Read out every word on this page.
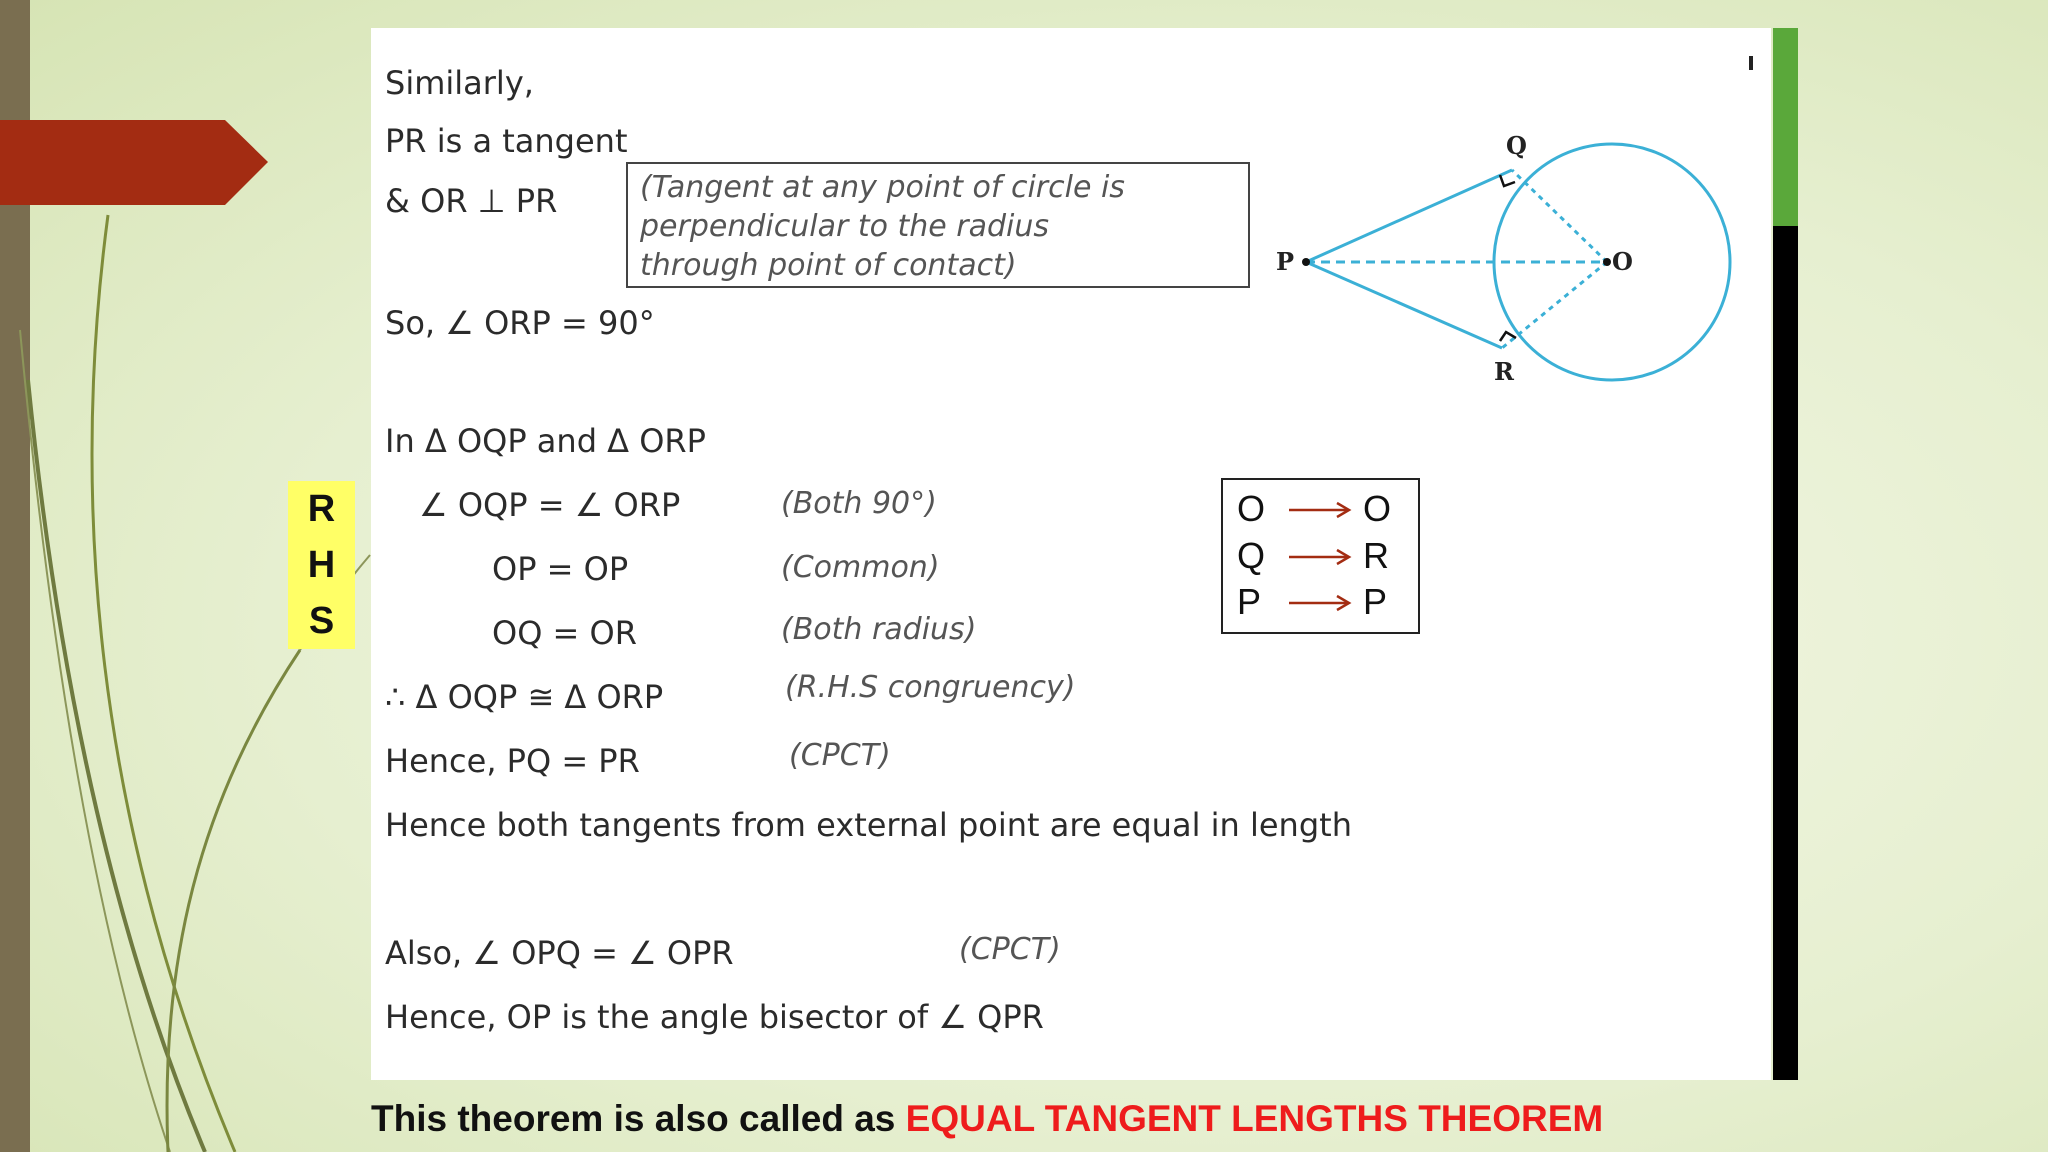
Similarly,

PR is a tangent

& OR ⊥ PR

So, ∠ ORP = 90°

In Δ OQP and Δ ORP

∠ OQP = ∠ ORP	(Both 90°)

OP = OP	(Common)

OQ = OR	(Both radius)

∴ Δ OQP ≅ Δ ORP	(R.H.S congruency)

Hence, PQ = PR	(CPCT)

Hence both tangents from external point are equal in length

Also, ∠ OPQ = ∠ OPR	(CPCT)

Hence, OP is the angle bisector of ∠ QPR

(Tangent at any point of circle is
perpendicular to the radius
through point of contact)
Q
P	O
R
R
H
S
O	O
Q	R
P	P

This theorem is also called as EQUAL TANGENT LENGTHS THEOREM
